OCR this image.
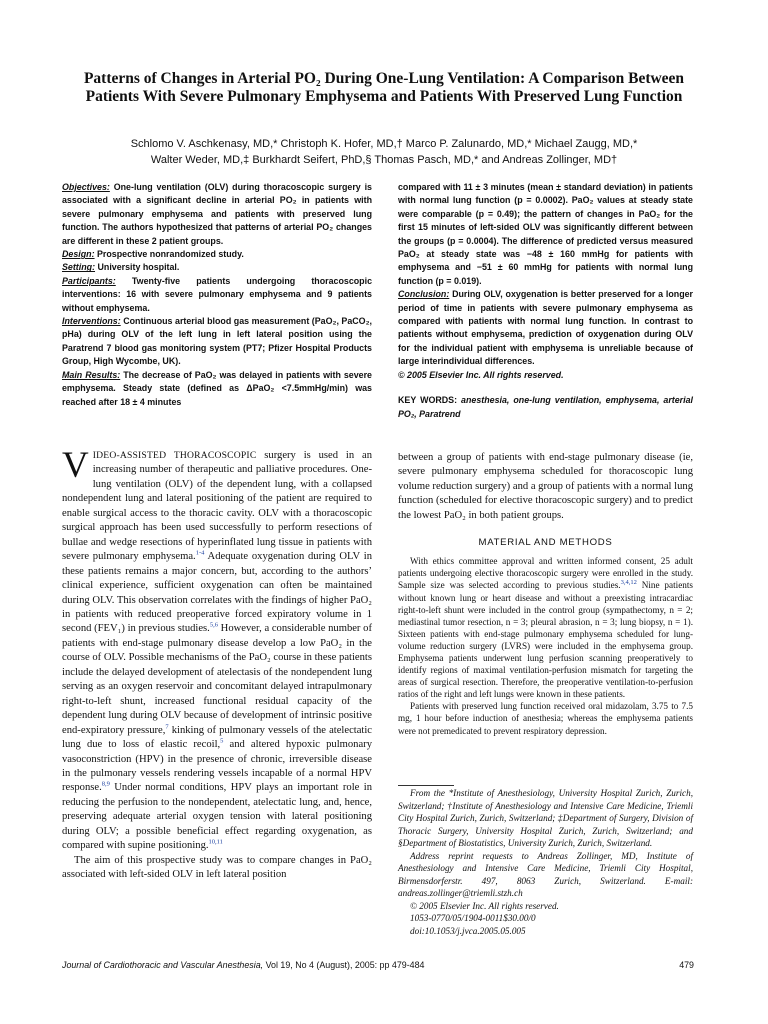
Patterns of Changes in Arterial PO₂ During One-Lung Ventilation: A Comparison Between Patients With Severe Pulmonary Emphysema and Patients With Preserved Lung Function
Schlomo V. Aschkenasy, MD,* Christoph K. Hofer, MD,† Marco P. Zalunardo, MD,* Michael Zaugg, MD,*
Walter Weder, MD,‡ Burkhardt Seifert, PhD,§ Thomas Pasch, MD,* and Andreas Zollinger, MD†

Objectives: One-lung ventilation (OLV) during thoracoscopic surgery is associated with a significant decline in arterial PO₂ in patients with severe pulmonary emphysema and patients with preserved lung function. The authors hypothesized that patterns of arterial PO₂ changes are different in these 2 patient groups.

Design: Prospective nonrandomized study.

Setting: University hospital.

Participants: Twenty-five patients undergoing thoracoscopic interventions: 16 with severe pulmonary emphysema and 9 patients without emphysema.

Interventions: Continuous arterial blood gas measurement (PaO₂, PaCO₂, pHa) during OLV of the left lung in left lateral position using the Paratrend 7 blood gas monitoring system (PT7; Pfizer Hospital Products Group, High Wycombe, UK).

Main Results: The decrease of PaO₂ was delayed in patients with severe emphysema. Steady state (defined as ΔPaO₂ <7.5mmHg/min) was reached after 18 ± 4 minutes

compared with 11 ± 3 minutes (mean ± standard deviation) in patients with normal lung function (p = 0.0002). PaO₂ values at steady state were comparable (p = 0.49); the pattern of changes in PaO₂ for the first 15 minutes of left-sided OLV was significantly different between the groups (p = 0.0004). The difference of predicted versus measured PaO₂ at steady state was −48 ± 160 mmHg for patients with emphysema and −51 ± 60 mmHg for patients with normal lung function (p = 0.019).

Conclusion: During OLV, oxygenation is better preserved for a longer period of time in patients with severe pulmonary emphysema as compared with patients with normal lung function. In contrast to patients without emphysema, prediction of oxygenation during OLV for the individual patient with emphysema is unreliable because of large interindividual differences.

© 2005 Elsevier Inc. All rights reserved.

KEY WORDS: anesthesia, one-lung ventilation, emphysema, arterial PO₂, Paratrend

VIDEO-ASSISTED THORACOSCOPIC surgery is used in an increasing number of therapeutic and palliative procedures. One-lung ventilation (OLV) of the dependent lung, with a collapsed nondependent lung and lateral positioning of the patient are required to enable surgical access to the thoracic cavity. OLV with a thoracoscopic surgical approach has been used successfully to perform resections of bullae and wedge resections of hyperinflated lung tissue in patients with severe pulmonary emphysema.$^{1-4}$ Adequate oxygenation during OLV in these patients remains a major concern, but, according to the authors’ clinical experience, sufficient oxygenation can often be maintained during OLV. This observation correlates with the findings of higher PaO₂ in patients with reduced preoperative forced expiratory volume in 1 second (FEV₁) in previous studies.$^{5,6}$ However, a considerable number of patients with end-stage pulmonary disease develop a low PaO₂ in the course of OLV. Possible mechanisms of the PaO₂ course in these patients include the delayed development of atelectasis of the nondependent lung serving as an oxygen reservoir and concomitant delayed intrapulmonary right-to-left shunt, increased functional residual capacity of the dependent lung during OLV because of development of intrinsic positive end-expiratory pressure,$^7$ kinking of pulmonary vessels of the atelectatic lung due to loss of elastic recoil,$^5$ and altered hypoxic pulmonary vasoconstriction (HPV) in the presence of chronic, irreversible disease in the pulmonary vessels rendering vessels incapable of a normal HPV response.$^{8,9}$ Under normal conditions, HPV plays an important role in reducing the perfusion to the nondependent, atelectatic lung, and, hence, preserving adequate arterial oxygen tension with lateral positioning during OLV; a possible beneficial effect regarding oxygenation, as compared with supine positioning.$^{10,11}$

The aim of this prospective study was to compare changes in PaO₂ associated with left-sided OLV in left lateral position

between a group of patients with end-stage pulmonary disease (ie, severe pulmonary emphysema scheduled for thoracoscopic lung volume reduction surgery) and a group of patients with a normal lung function (scheduled for elective thoracoscopic surgery) and to predict the lowest PaO₂ in both patient groups.

MATERIAL AND METHODS

With ethics committee approval and written informed consent, 25 adult patients undergoing elective thoracoscopic surgery were enrolled in the study. Sample size was selected according to previous studies.$^{3,4,12}$ Nine patients without known lung or heart disease and without a preexisting intracardiac right-to-left shunt were included in the control group (sympathectomy, n = 2; mediastinal tumor resection, n = 3; pleural abrasion, n = 3; lung biopsy, n = 1). Sixteen patients with end-stage pulmonary emphysema scheduled for lung-volume reduction surgery (LVRS) were included in the emphysema group. Emphysema patients underwent lung perfusion scanning preoperatively to identify regions of maximal ventilation-perfusion mismatch for targeting the areas of surgical resection. Therefore, the preoperative ventilation-to-perfusion ratios of the right and left lungs were known in these patients.

Patients with preserved lung function received oral midazolam, 3.75 to 7.5 mg, 1 hour before induction of anesthesia; whereas the emphysema patients were not premedicated to prevent respiratory depression.

From the *Institute of Anesthesiology, University Hospital Zurich, Zurich, Switzerland; †Institute of Anesthesiology and Intensive Care Medicine, Triemli City Hospital Zurich, Zurich, Switzerland; ‡Department of Surgery, Division of Thoracic Surgery, University Hospital Zurich, Zurich, Switzerland; and §Department of Biostatistics, University Zurich, Zurich, Switzerland.

Address reprint requests to Andreas Zollinger, MD, Institute of Anesthesiology and Intensive Care Medicine, Triemli City Hospital, Birmensdorferstr. 497, 8063 Zurich, Switzerland. E-mail: andreas.zollinger@triemli.stzh.ch

© 2005 Elsevier Inc. All rights reserved.

1053-0770/05/1904-0011$30.00/0

doi:10.1053/j.jvca.2005.05.005

Journal of Cardiothoracic and Vascular Anesthesia, Vol 19, No 4 (August), 2005: pp 479-484	479
